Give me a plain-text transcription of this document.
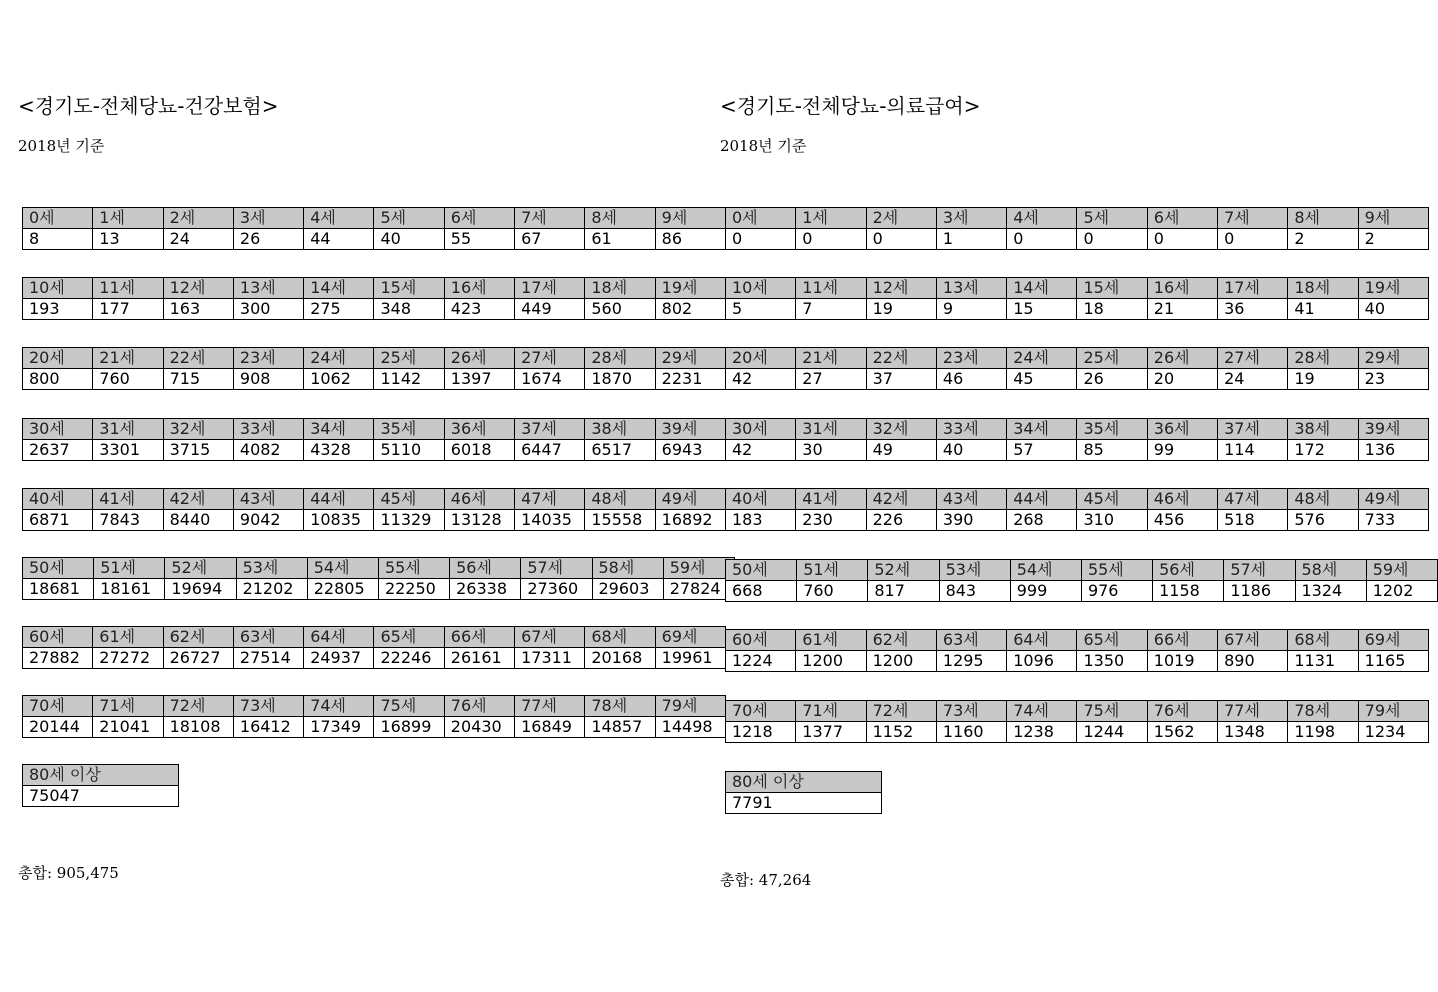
<경기도-전체당뇨-건강보험>
2018년 기준
0세	1세	2세	3세	4세	5세	6세	7세	8세	9세
8	13	24	26	44	40	55	67	61	86
10세	11세	12세	13세	14세	15세	16세	17세	18세	19세
193	177	163	300	275	348	423	449	560	802
20세	21세	22세	23세	24세	25세	26세	27세	28세	29세
800	760	715	908	1062	1142	1397	1674	1870	2231
30세	31세	32세	33세	34세	35세	36세	37세	38세	39세
2637	3301	3715	4082	4328	5110	6018	6447	6517	6943
40세	41세	42세	43세	44세	45세	46세	47세	48세	49세
6871	7843	8440	9042	10835	11329	13128	14035	15558	16892
50세	51세	52세	53세	54세	55세	56세	57세	58세	59세
18681	18161	19694	21202	22805	22250	26338	27360	29603	27824
60세	61세	62세	63세	64세	65세	66세	67세	68세	69세
27882	27272	26727	27514	24937	22246	26161	17311	20168	19961
70세	71세	72세	73세	74세	75세	76세	77세	78세	79세
20144	21041	18108	16412	17349	16899	20430	16849	14857	14498
80세 이상
75047
총합: 905,475
<경기도-전체당뇨-의료급여>
2018년 기준
0세	1세	2세	3세	4세	5세	6세	7세	8세	9세
0	0	0	1	0	0	0	0	2	2
10세	11세	12세	13세	14세	15세	16세	17세	18세	19세
5	7	19	9	15	18	21	36	41	40
20세	21세	22세	23세	24세	25세	26세	27세	28세	29세
42	27	37	46	45	26	20	24	19	23
30세	31세	32세	33세	34세	35세	36세	37세	38세	39세
42	30	49	40	57	85	99	114	172	136
40세	41세	42세	43세	44세	45세	46세	47세	48세	49세
183	230	226	390	268	310	456	518	576	733
50세	51세	52세	53세	54세	55세	56세	57세	58세	59세
668	760	817	843	999	976	1158	1186	1324	1202
60세	61세	62세	63세	64세	65세	66세	67세	68세	69세
1224	1200	1200	1295	1096	1350	1019	890	1131	1165
70세	71세	72세	73세	74세	75세	76세	77세	78세	79세
1218	1377	1152	1160	1238	1244	1562	1348	1198	1234
80세 이상
7791
총합: 47,264
